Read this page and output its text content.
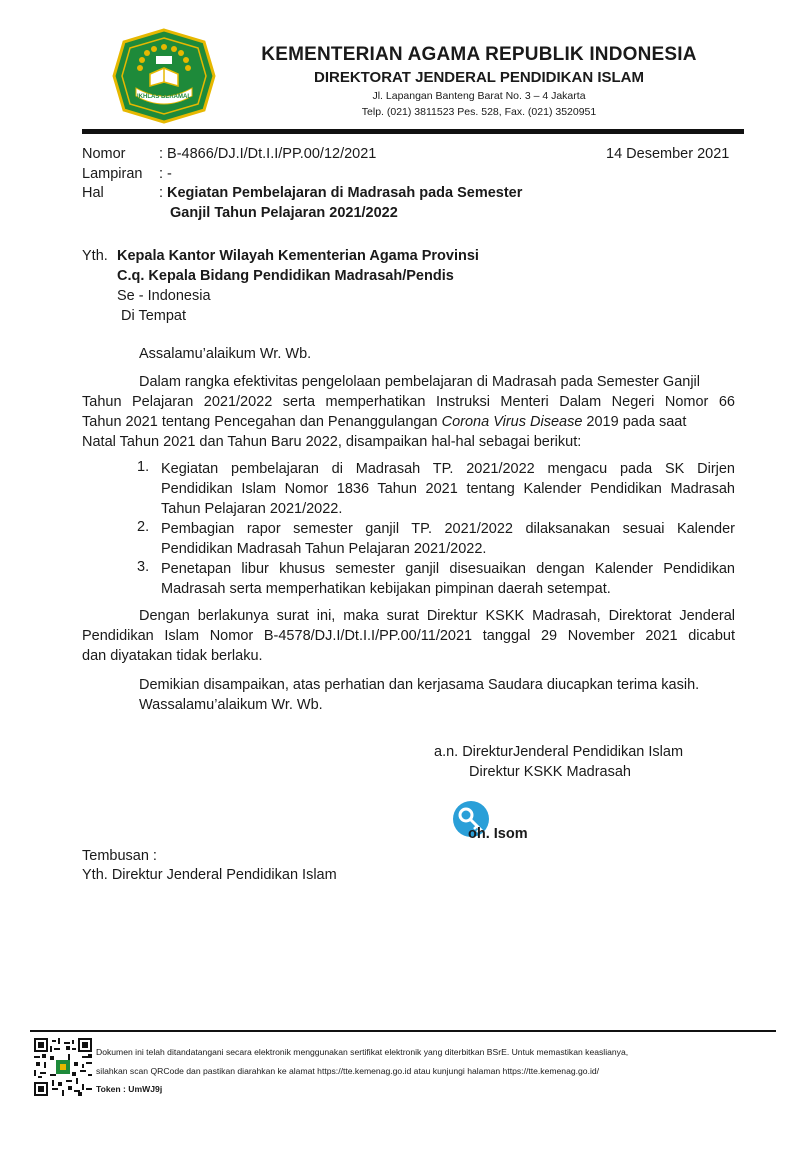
IKHLAS BERAMAL
KEMENTERIAN AGAMA REPUBLIK INDONESIA
DIREKTORAT JENDERAL PENDIDIKAN ISLAM
Jl. Lapangan Banteng Barat No. 3 – 4 Jakarta
Telp. (021) 3811523 Pes. 528, Fax. (021) 3520951
Nomor : B-4866/DJ.I/Dt.I.I/PP.00/12/2021	14 Desember 2021
Lampiran : -
Hal	: Kegiatan Pembelajaran di Madrasah pada Semester
Ganjil Tahun Pelajaran 2021/2022
Yth. Kepala Kantor Wilayah Kementerian Agama Provinsi
C.q. Kepala Bidang Pendidikan Madrasah/Pendis
Se - Indonesia
Di Tempat
Assalamu’alaikum Wr. Wb.
Dalam rangka efektivitas pengelolaan pembelajaran di Madrasah pada Semester Ganjil
Tahun Pelajaran 2021/2022 serta memperhatikan Instruksi Menteri Dalam Negeri Nomor 66
Tahun 2021 tentang Pencegahan dan Penanggulangan Corona Virus Disease 2019 pada saat
Natal Tahun 2021 dan Tahun Baru 2022, disampaikan hal-hal sebagai berikut:
1. Kegiatan pembelajaran di Madrasah TP. 2021/2022 mengacu pada SK Dirjen
Pendidikan Islam Nomor 1836 Tahun 2021 tentang Kalender Pendidikan Madrasah
Tahun Pelajaran 2021/2022.
2. Pembagian rapor semester ganjil TP. 2021/2022 dilaksanakan sesuai Kalender
Pendidikan Madrasah Tahun Pelajaran 2021/2022.
3. Penetapan libur khusus semester ganjil disesuaikan dengan Kalender Pendidikan
Madrasah serta memperhatikan kebijakan pimpinan daerah setempat.
Dengan berlakunya surat ini, maka surat Direktur KSKK Madrasah, Direktorat Jenderal
Pendidikan Islam Nomor B-4578/DJ.I/Dt.I.I/PP.00/11/2021 tanggal 29 November 2021 dicabut
dan diyatakan tidak berlaku.
Demikian disampaikan, atas perhatian dan kerjasama Saudara diucapkan terima kasih.
Wassalamu’alaikum Wr. Wb.
a.n. DirekturJenderal Pendidikan Islam
Direktur KSKK Madrasah
oh. Isom
Tembusan :
Yth. Direktur Jenderal Pendidikan Islam
Dokumen ini telah ditandatangani secara elektronik menggunakan sertifikat elektronik yang diterbitkan BSrE. Untuk memastikan keaslianya,
silahkan scan QRCode dan pastikan diarahkan ke alamat https://tte.kemenag.go.id atau kunjungi halaman https://tte.kemenag.go.id/
Token : UmWJ9j
